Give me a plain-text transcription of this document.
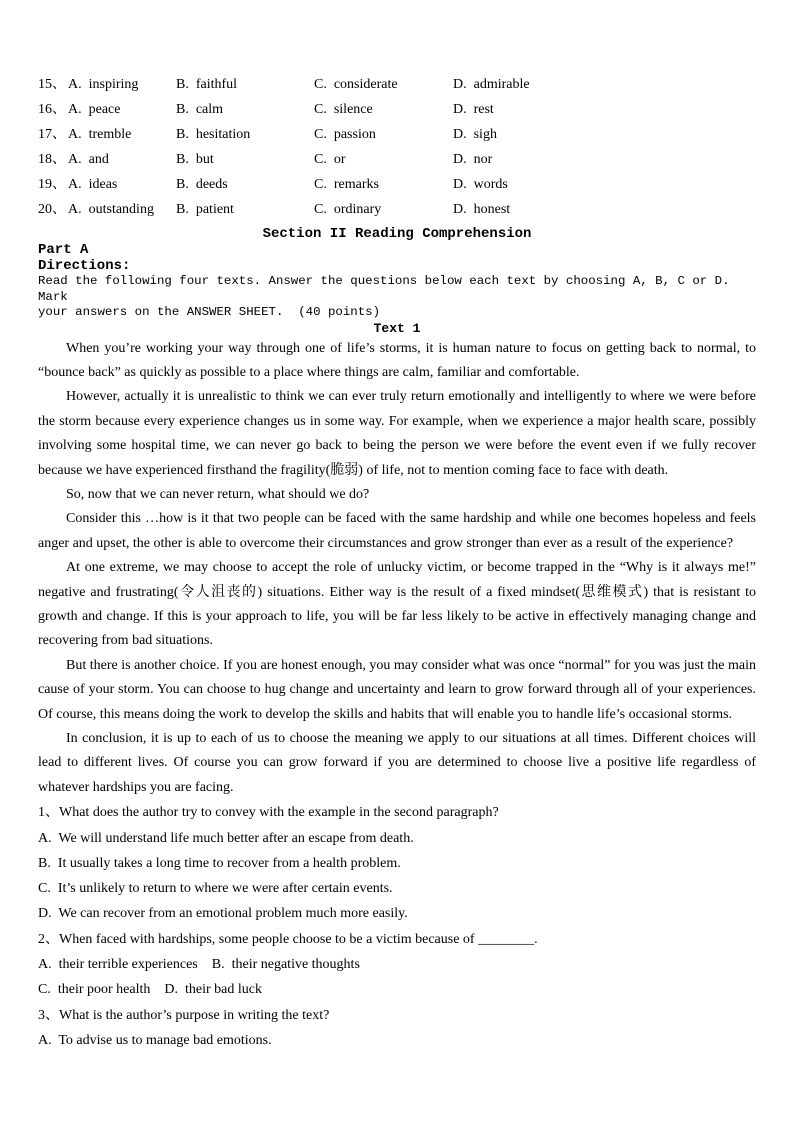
15、 A.  inspiring	B.  faithful	C.  considerate	D.  admirable
16、 A.  peace	B.  calm	C.  silence	D.  rest
17、 A.  tremble	B.  hesitation	C.  passion	D.  sigh
18、 A.  and	B.  but	C.  or	D.  nor
19、 A.  ideas	B.  deeds	C.  remarks	D.  words
20、 A.  outstanding	B.  patient	C.  ordinary	D.  honest
Section II Reading Comprehension
Part A
Directions:
Read the following four texts. Answer the questions below each text by choosing A, B, C or D. Mark
your answers on the ANSWER SHEET.  (40 points)
Text 1

When you’re working your way through one of life’s storms, it is human nature to focus on getting back to normal, to “bounce back” as quickly as possible to a place where things are calm, familiar and comfortable.

However, actually it is unrealistic to think we can ever truly return emotionally and intelligently to where we were before the storm because every experience changes us in some way. For example, when we experience a major health scare, possibly involving some hospital time, we can never go back to being the person we were before the event even if we fully recover because we have experienced firsthand the fragility(脆弱) of life, not to mention coming face to face with death.

So, now that we can never return, what should we do?

Consider this …how is it that two people can be faced with the same hardship and while one becomes hopeless and feels anger and upset, the other is able to overcome their circumstances and grow stronger than ever as a result of the experience?

At one extreme, we may choose to accept the role of unlucky victim, or become trapped in the “Why is it always me!” negative and frustrating(令人沮丧的) situations. Either way is the result of a fixed mindset(思维模式) that is resistant to growth and change. If this is your approach to life, you will be far less likely to be active in effectively managing change and recovering from bad situations.

But there is another choice. If you are honest enough, you may consider what was once “normal” for you was just the main cause of your storm. You can choose to hug change and uncertainty and learn to grow forward through all of your experiences. Of course, this means doing the work to develop the skills and habits that will enable you to handle life’s occasional storms.

In conclusion, it is up to each of us to choose the meaning we apply to our situations at all times. Different choices will lead to different lives. Of course you can grow forward if you are determined to choose live a positive life regardless of whatever hardships you are facing.

1、What does the author try to convey with the example in the second paragraph?
A.  We will understand life much better after an escape from death.
B.  It usually takes a long time to recover from a health problem.
C.  It’s unlikely to return to where we were after certain events.
D.  We can recover from an emotional problem much more easily.
2、When faced with hardships, some people choose to be a victim because of ________.
A.  their terrible experiences    B.  their negative thoughts
C.  their poor health    D.  their bad luck
3、What is the author’s purpose in writing the text?
A.  To advise us to manage bad emotions.
